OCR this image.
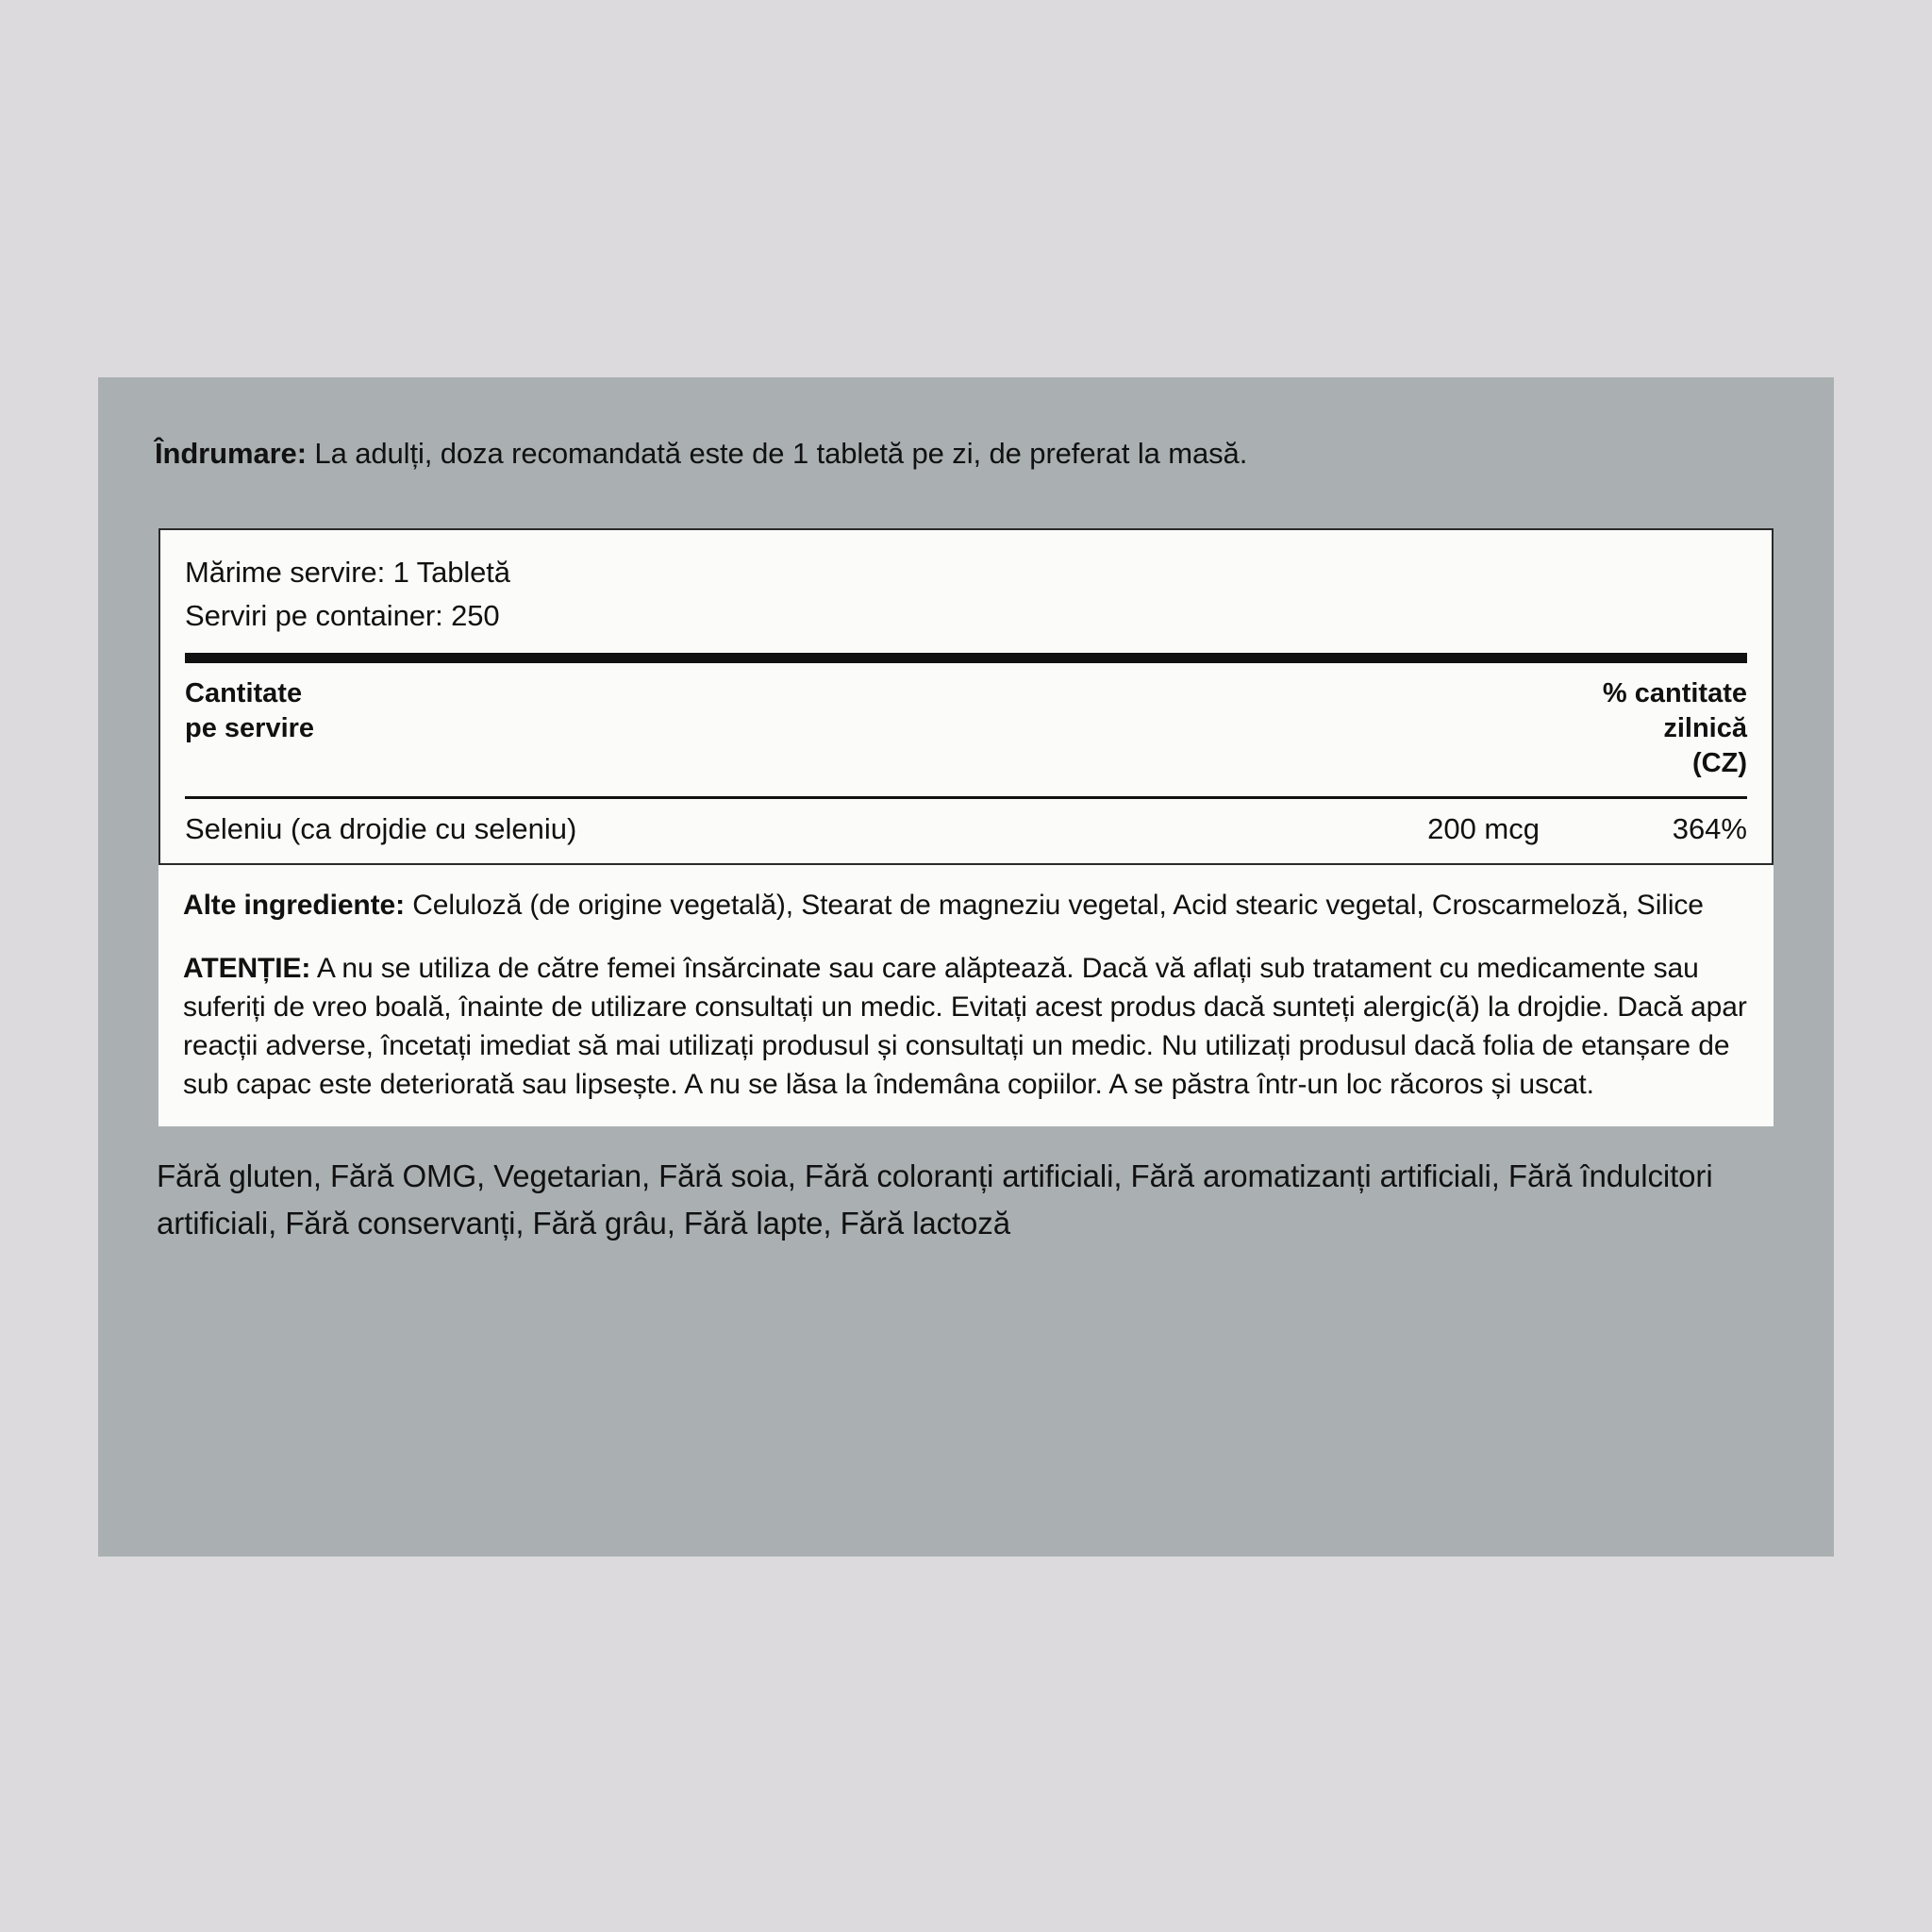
Îndrumare: La adulți, doza recomandată este de 1 tabletă pe zi, de preferat la masă.
Mărime servire: 1 Tabletă
Serviri pe container: 250
Cantitate
pe servire
% cantitate
zilnică
(CZ)
Seleniu (ca drojdie cu seleniu)	200 mcg	364%
Alte ingrediente: Celuloză (de origine vegetală), Stearat de magneziu vegetal, Acid stearic vegetal, Croscarmeloză, Silice
ATENȚIE: A nu se utiliza de către femei însărcinate sau care alăptează. Dacă vă aflați sub tratament cu medicamente sau suferiți de vreo boală, înainte de utilizare consultați un medic. Evitați acest produs dacă sunteți alergic(ă) la drojdie. Dacă apar reacții adverse, încetați imediat să mai utilizați produsul și consultați un medic. Nu utilizați produsul dacă folia de etanșare de sub capac este deteriorată sau lipsește. A nu se lăsa la îndemâna copiilor. A se păstra într-un loc răcoros și uscat.
Fără gluten, Fără OMG, Vegetarian, Fără soia, Fără coloranți artificiali, Fără aromatizanți artificiali, Fără îndulcitori artificiali, Fără conservanți, Fără grâu, Fără lapte, Fără lactoză
